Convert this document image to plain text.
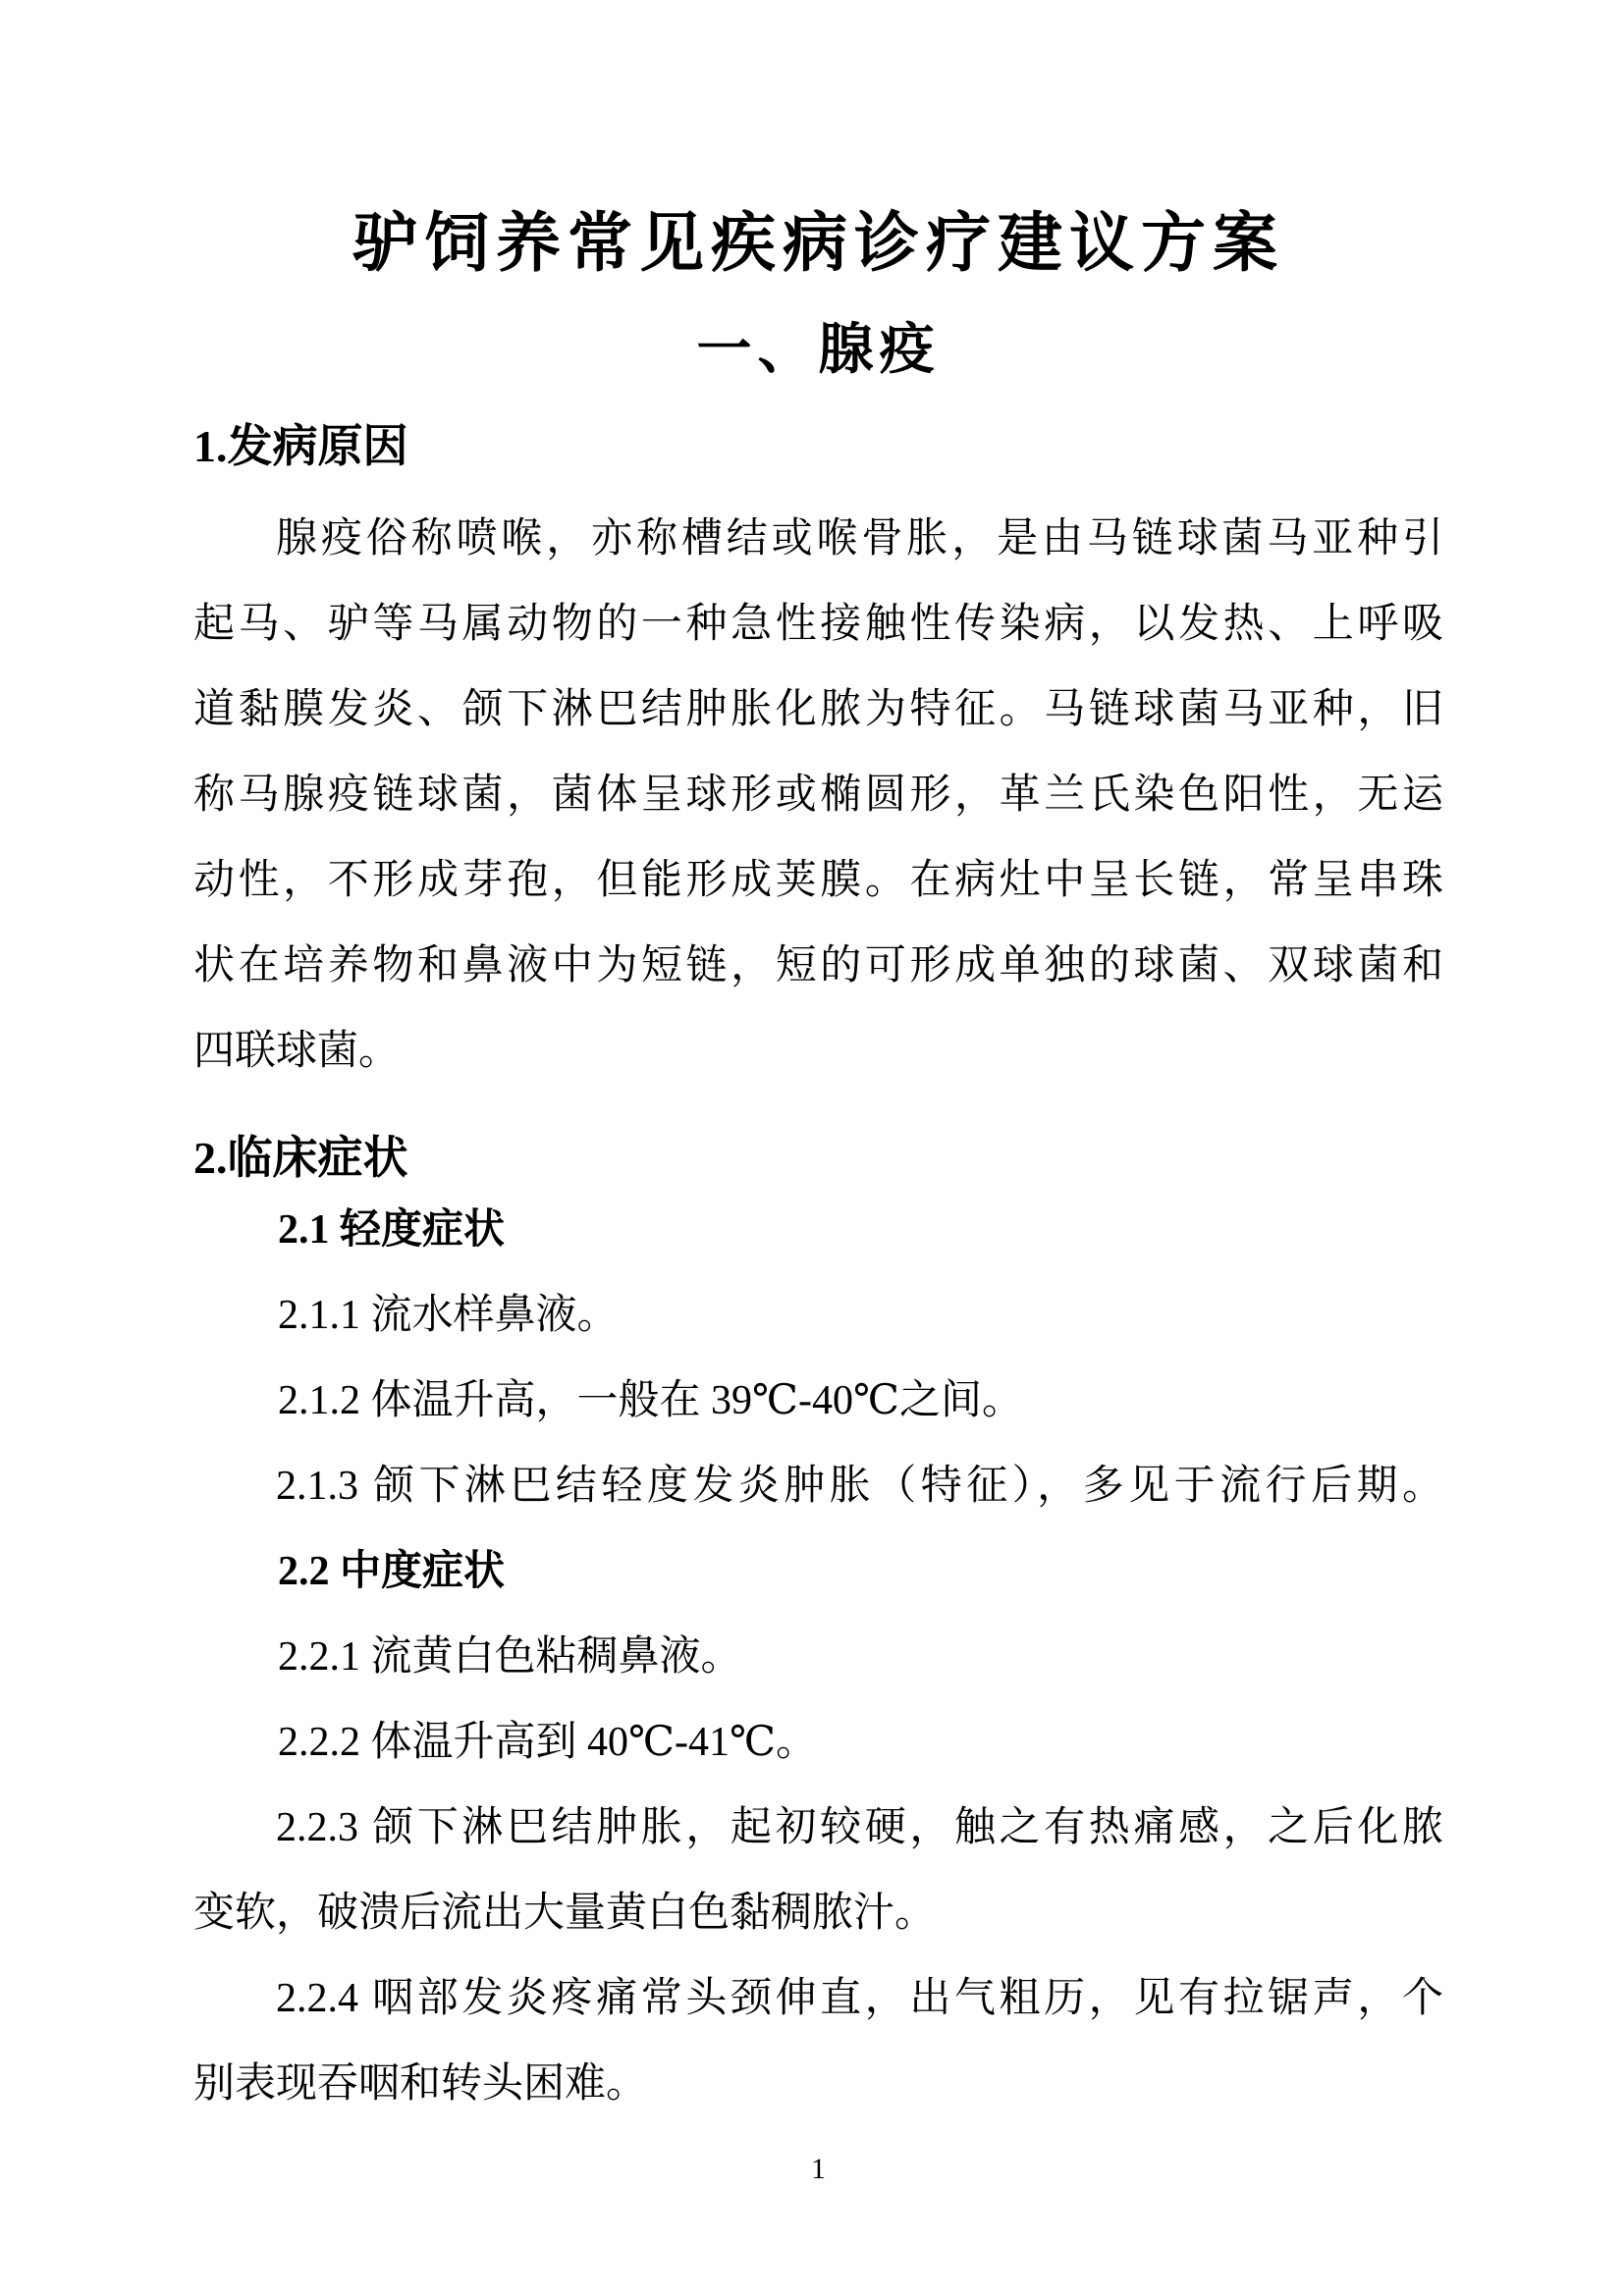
驴饲养常见疾病诊疗建议方案
一、腺疫
1.发病原因
腺疫俗称喷喉，亦称槽结或喉骨胀，是由马链球菌马亚种引
起马、驴等马属动物的一种急性接触性传染病，以发热、上呼吸
道黏膜发炎、颌下淋巴结肿胀化脓为特征。马链球菌马亚种，旧
称马腺疫链球菌，菌体呈球形或椭圆形，革兰氏染色阳性，无运
动性，不形成芽孢，但能形成荚膜。在病灶中呈长链，常呈串珠
状在培养物和鼻液中为短链，短的可形成单独的球菌、双球菌和
四联球菌。
2.临床症状
2.1 轻度症状
2.1.1 流水样鼻液。
2.1.2 体温升高，一般在 39℃-40℃之间。
2.1.3 颌下淋巴结轻度发炎肿胀（特征），多见于流行后期。
2.2 中度症状
2.2.1 流黄白色粘稠鼻液。
2.2.2 体温升高到 40℃-41℃。
2.2.3 颌下淋巴结肿胀，起初较硬，触之有热痛感，之后化脓
变软，破溃后流出大量黄白色黏稠脓汁。
2.2.4 咽部发炎疼痛常头颈伸直，出气粗历，见有拉锯声，个
别表现吞咽和转头困难。
1
